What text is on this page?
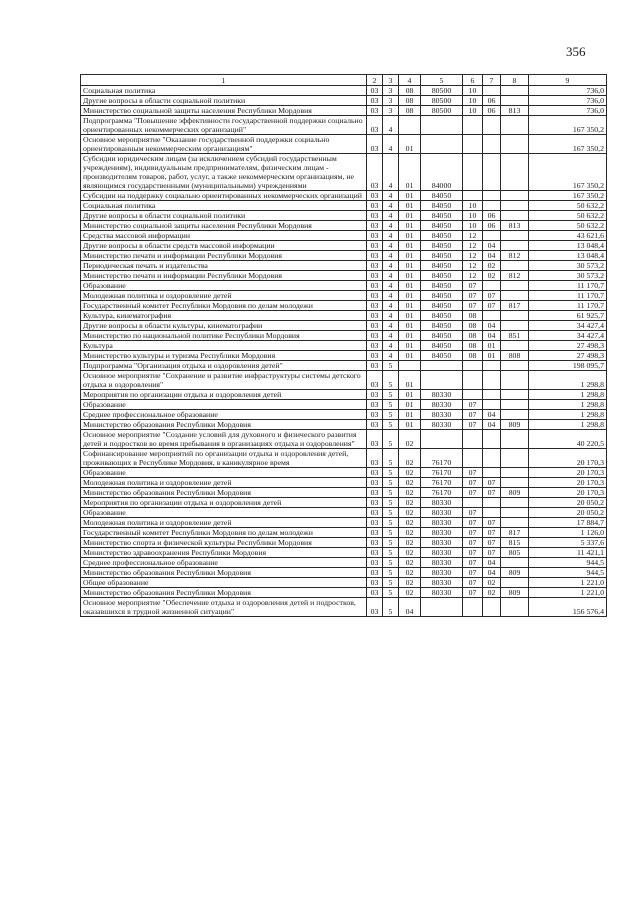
356
1	2	3	4	5	6	7	8	9
Социальная политика	03	3	08	80500	10			736,0
Другие вопросы в области социальной политики	03	3	08	80500	10	06		736,0
Министерство социальной защиты населения Республики Мордовия	03	3	08	80500	10	06	813	736,0
Подпрограмма "Повышение эффективности государственной поддержки социально ориентированных некоммерческих организаций"	03	4						167 350,2
Основное мероприятие "Оказание государственной поддержки социально ориентированным некоммерческим организациям"	03	4	01					167 350,2
Субсидии юридическим лицам (за исключением субсидий государственным учреждениям), индивидуальным предпринимателям, физическим лицам - производителям товаров, работ, услуг, а также некоммерческим организациям, не являющимся государственными (муниципальными) учреждениями	03	4	01	84000				167 350,2
Субсидии на поддержку социально ориентированных некоммерческих организаций	03	4	01	84050				167 350,2
Социальная политика	03	4	01	84050	10			50 632,2
Другие вопросы в области социальной политики	03	4	01	84050	10	06		50 632,2
Министерство социальной защиты населения Республики Мордовия	03	4	01	84050	10	06	813	50 632,2
Средства массовой информации	03	4	01	84050	12			43 621,6
Другие вопросы в области средств массовой информации	03	4	01	84050	12	04		13 048,4
Министерство печати и информации Республики Мордовия	03	4	01	84050	12	04	812	13 048,4
Периодическая печать и издательства	03	4	01	84050	12	02		30 573,2
Министерство печати и информации Республики Мордовия	03	4	01	84050	12	02	812	30 573,2
Образование	03	4	01	84050	07			11 170,7
Молодежная политика и оздоровление детей	03	4	01	84050	07	07		11 170,7
Государственный комитет Республики Мордовия по делам молодежи	03	4	01	84050	07	07	817	11 170,7
Культура, кинематография	03	4	01	84050	08			61 925,7
Другие вопросы в области культуры, кинематографии	03	4	01	84050	08	04		34 427,4
Министерство по национальной политике Республики Мордовия	03	4	01	84050	08	04	851	34 427,4
Культура	03	4	01	84050	08	01		27 498,3
Министерство культуры и туризма Республики Мордовия	03	4	01	84050	08	01	808	27 498,3
Подпрограмма "Организация отдыха и оздоровления детей"	03	5						198 095,7
Основное мероприятие "Сохранение и развитие инфраструктуры системы детского отдыха и оздоровления"	03	5	01					1 298,8
Мероприятия по организации отдыха и оздоровления детей	03	5	01	80330				1 298,8
Образование	03	5	01	80330	07			1 298,8
Среднее профессиональное образование	03	5	01	80330	07	04		1 298,8
Министерство образования Республики Мордовия	03	5	01	80330	07	04	809	1 298,8
Основное мероприятие "Создание условий для духовного и физического развития детей и подростков во время пребывания в организациях отдыха и оздоровления"	03	5	02					40 220,5
Софинансирование мероприятий по организации отдыха и оздоровления детей, проживающих в Республике Мордовия, в каникулярное время	03	5	02	76170				20 170,3
Образование	03	5	02	76170	07			20 170,3
Молодежная политика и оздоровление детей	03	5	02	76170	07	07		20 170,3
Министерство образования Республики Мордовия	03	5	02	76170	07	07	809	20 170,3
Мероприятия по организации отдыха и оздоровления детей	03	5	02	80330				20 050,2
Образование	03	5	02	80330	07			20 050,2
Молодежная политика и оздоровление детей	03	5	02	80330	07	07		17 884,7
Государственный комитет Республики Мордовия по делам молодежи	03	5	02	80330	07	07	817	1 126,0
Министерство спорта и физической культуры Республики Мордовия	03	5	02	80330	07	07	815	5 337,6
Министерство здравоохранения Республики Мордовия	03	5	02	80330	07	07	805	11 421,1
Среднее профессиональное образование	03	5	02	80330	07	04		944,5
Министерство образования Республики Мордовия	03	5	02	80330	07	04	809	944,5
Общее образование	03	5	02	80330	07	02		1 221,0
Министерство образования Республики Мордовия	03	5	02	80330	07	02	809	1 221,0
Основное мероприятие "Обеспечение отдыха и оздоровления детей и подростков, оказавшихся в трудной жизненной ситуации"	03	5	04					156 576,4
